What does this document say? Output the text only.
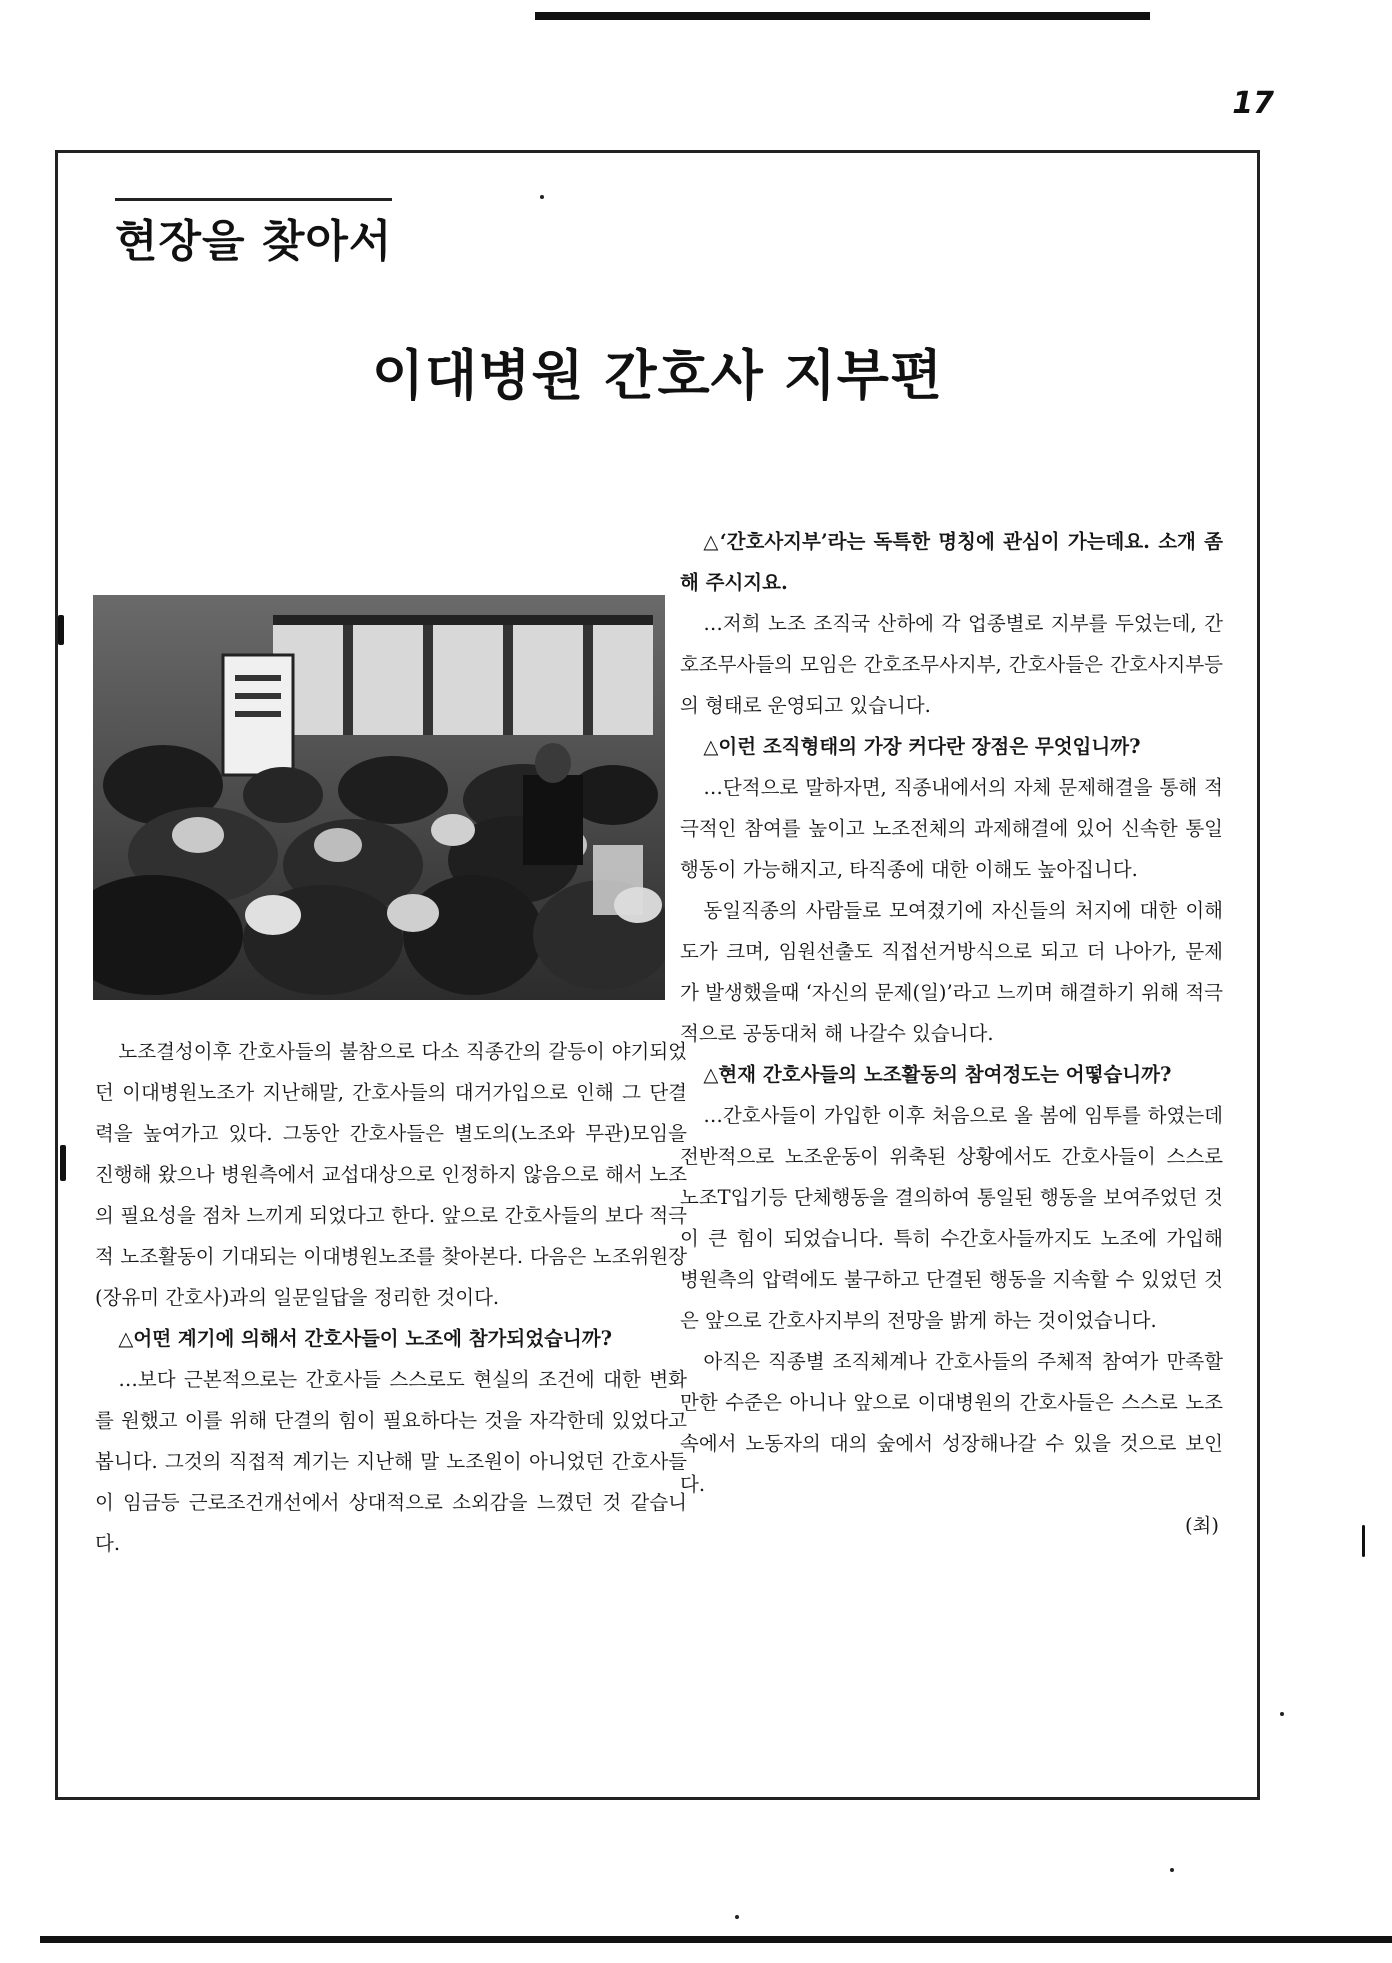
17
현장을 찾아서
이대병원 간호사 지부편

노조결성이후 간호사들의 불참으로 다소 직종간의 갈등이 야기되었던 이대병원노조가 지난해말, 간호사들의 대거가입으로 인해 그 단결력을 높여가고 있다. 그동안 간호사들은 별도의(노조와 무관)모임을 진행해 왔으나 병원측에서 교섭대상으로 인정하지 않음으로 해서 노조의 필요성을 점차 느끼게 되었다고 한다. 앞으로 간호사들의 보다 적극적 노조활동이 기대되는 이대병원노조를 찾아본다. 다음은 노조위원장(장유미 간호사)과의 일문일답을 정리한 것이다.

△어떤 계기에 의해서 간호사들이 노조에 참가되었습니까?

…보다 근본적으로는 간호사들 스스로도 현실의 조건에 대한 변화를 원했고 이를 위해 단결의 힘이 필요하다는 것을 자각한데 있었다고 봅니다. 그것의 직접적 계기는 지난해 말 노조원이 아니었던 간호사들이 임금등 근로조건개선에서 상대적으로 소외감을 느꼈던 것 같습니다.

△‘간호사지부’라는 독특한 명칭에 관심이 가는데요. 소개 좀 해 주시지요.

…저희 노조 조직국 산하에 각 업종별로 지부를 두었는데, 간호조무사들의 모임은 간호조무사지부, 간호사들은 간호사지부등의 형태로 운영되고 있습니다.

△이런 조직형태의 가장 커다란 장점은 무엇입니까?

…단적으로 말하자면, 직종내에서의 자체 문제해결을 통해 적극적인 참여를 높이고 노조전체의 과제해결에 있어 신속한 통일행동이 가능해지고, 타직종에 대한 이해도 높아집니다.

동일직종의 사람들로 모여졌기에 자신들의 처지에 대한 이해도가 크며, 임원선출도 직접선거방식으로 되고 더 나아가, 문제가 발생했을때 ‘자신의 문제(일)’라고 느끼며 해결하기 위해 적극적으로 공동대처 해 나갈수 있습니다.

△현재 간호사들의 노조활동의 참여정도는 어떻습니까?

…간호사들이 가입한 이후 처음으로 올 봄에 임투를 하였는데 전반적으로 노조운동이 위축된 상황에서도 간호사들이 스스로 노조T입기등 단체행동을 결의하여 통일된 행동을 보여주었던 것이 큰 힘이 되었습니다. 특히 수간호사들까지도 노조에 가입해 병원측의 압력에도 불구하고 단결된 행동을 지속할 수 있었던 것은 앞으로 간호사지부의 전망을 밝게 하는 것이었습니다.

아직은 직종별 조직체계나 간호사들의 주체적 참여가 만족할만한 수준은 아니나 앞으로 이대병원의 간호사들은 스스로 노조속에서 노동자의 대의 숲에서 성장해나갈 수 있을 것으로 보인다.

(최)
